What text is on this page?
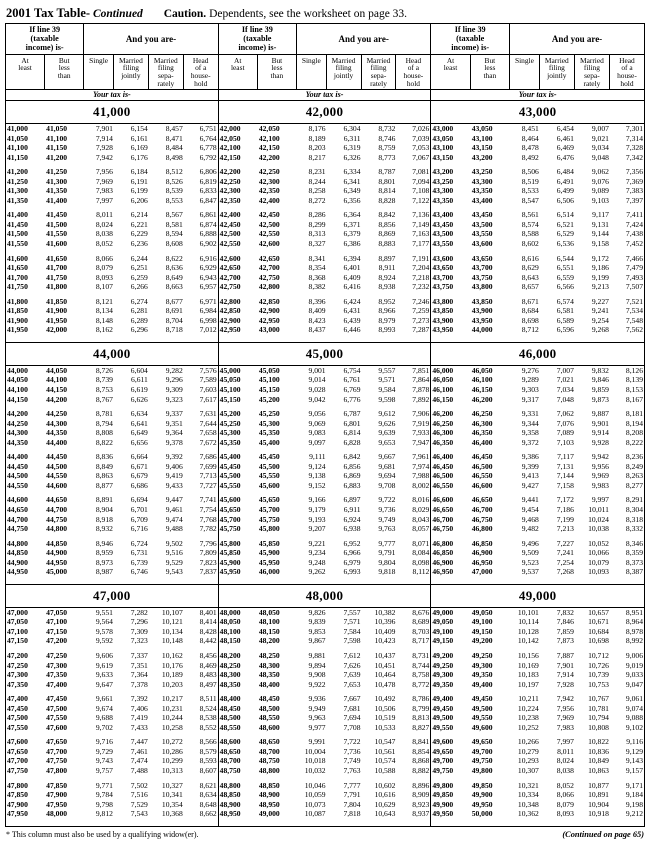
2001 Tax Table- Continued Caution. Dependents, see the worksheet on page 33.
If line 39
(taxable
income) is-
And you are-
At
least
But
less
than
Single	Married
filing
jointly
Married
filing
sepa-
rately
Head
of a
house-
hold
Your tax is-
41,000
41,000	41,050	7,901	6,154	8,457	6,751
41,050	41,100	7,914	6,161	8,471	6,764
41,100	41,150	7,928	6,169	8,484	6,778
41,150	41,200	7,942	6,176	8,498	6,792

41,200	41,250	7,956	6,184	8,512	6,806
41,250	41,300	7,969	6,191	8,526	6,819
41,300	41,350	7,983	6,199	8,539	6,833
41,350	41,400	7,997	6,206	8,553	6,847

41,400	41,450	8,011	6,214	8,567	6,861
41,450	41,500	8,024	6,221	8,581	6,874
41,500	41,550	8,038	6,229	8,594	6,888
41,550	41,600	8,052	6,236	8,608	6,902

41,600	41,650	8,066	6,244	8,622	6,916
41,650	41,700	8,079	6,251	8,636	6,929
41,700	41,750	8,093	6,259	8,649	6,943
41,750	41,800	8,107	6,266	8,663	6,957

41,800	41,850	8,121	6,274	8,677	6,971
41,850	41,900	8,134	6,281	8,691	6,984
41,900	41,950	8,148	6,289	8,704	6,998
41,950	42,000	8,162	6,296	8,718	7,012
44,000
44,000	44,050	8,726	6,604	9,282	7,576
44,050	44,100	8,739	6,611	9,296	7,589
44,100	44,150	8,753	6,619	9,309	7,603
44,150	44,200	8,767	6,626	9,323	7,617

44,200	44,250	8,781	6,634	9,337	7,631
44,250	44,300	8,794	6,641	9,351	7,644
44,300	44,350	8,808	6,649	9,364	7,658
44,350	44,400	8,822	6,656	9,378	7,672

44,400	44,450	8,836	6,664	9,392	7,686
44,450	44,500	8,849	6,671	9,406	7,699
44,500	44,550	8,863	6,679	9,419	7,713
44,550	44,600	8,877	6,686	9,433	7,727

44,600	44,650	8,891	6,694	9,447	7,741
44,650	44,700	8,904	6,701	9,461	7,754
44,700	44,750	8,918	6,709	9,474	7,768
44,750	44,800	8,932	6,716	9,488	7,782

44,800	44,850	8,946	6,724	9,502	7,796
44,850	44,900	8,959	6,731	9,516	7,809
44,900	44,950	8,973	6,739	9,529	7,823
44,950	45,000	8,987	6,746	9,543	7,837
47,000
47,000	47,050	9,551	7,282	10,107	8,401
47,050	47,100	9,564	7,296	10,121	8,414
47,100	47,150	9,578	7,309	10,134	8,428
47,150	47,200	9,592	7,323	10,148	8,442

47,200	47,250	9,606	7,337	10,162	8,456
47,250	47,300	9,619	7,351	10,176	8,469
47,300	47,350	9,633	7,364	10,189	8,483
47,350	47,400	9,647	7,378	10,203	8,497

47,400	47,450	9,661	7,392	10,217	8,511
47,450	47,500	9,674	7,406	10,231	8,524
47,500	47,550	9,688	7,419	10,244	8,538
47,550	47,600	9,702	7,433	10,258	8,552

47,600	47,650	9,716	7,447	10,272	8,566
47,650	47,700	9,729	7,461	10,286	8,579
47,700	47,750	9,743	7,474	10,299	8,593
47,750	47,800	9,757	7,488	10,313	8,607

47,800	47,850	9,771	7,502	10,327	8,621
47,850	47,900	9,784	7,516	10,341	8,634
47,900	47,950	9,798	7,529	10,354	8,648
47,950	48,000	9,812	7,543	10,368	8,662
If line 39
(taxable
income) is-
And you are-
At
least
But
less
than
Single	Married
filing
jointly
Married
filing
sepa-
rately
Head
of a
house-
hold
Your tax is-
42,000
42,000	42,050	8,176	6,304	8,732	7,026
42,050	42,100	8,189	6,311	8,746	7,039
42,100	42,150	8,203	6,319	8,759	7,053
42,150	42,200	8,217	6,326	8,773	7,067

42,200	42,250	8,231	6,334	8,787	7,081
42,250	42,300	8,244	6,341	8,801	7,094
42,300	42,350	8,258	6,349	8,814	7,108
42,350	42,400	8,272	6,356	8,828	7,122

42,400	42,450	8,286	6,364	8,842	7,136
42,450	42,500	8,299	6,371	8,856	7,149
42,500	42,550	8,313	6,379	8,869	7,163
42,550	42,600	8,327	6,386	8,883	7,177

42,600	42,650	8,341	6,394	8,897	7,191
42,650	42,700	8,354	6,401	8,911	7,204
42,700	42,750	8,368	6,409	8,924	7,218
42,750	42,800	8,382	6,416	8,938	7,232

42,800	42,850	8,396	6,424	8,952	7,246
42,850	42,900	8,409	6,431	8,966	7,259
42,900	42,950	8,423	6,439	8,979	7,273
42,950	43,000	8,437	6,446	8,993	7,287
45,000
45,000	45,050	9,001	6,754	9,557	7,851
45,050	45,100	9,014	6,761	9,571	7,864
45,100	45,150	9,028	6,769	9,584	7,878
45,150	45,200	9,042	6,776	9,598	7,892

45,200	45,250	9,056	6,787	9,612	7,906
45,250	45,300	9,069	6,801	9,626	7,919
45,300	45,350	9,083	6,814	9,639	7,933
45,350	45,400	9,097	6,828	9,653	7,947

45,400	45,450	9,111	6,842	9,667	7,961
45,450	45,500	9,124	6,856	9,681	7,974
45,500	45,550	9,138	6,869	9,694	7,988
45,550	45,600	9,152	6,883	9,708	8,002

45,600	45,650	9,166	6,897	9,722	8,016
45,650	45,700	9,179	6,911	9,736	8,029
45,700	45,750	9,193	6,924	9,749	8,043
45,750	45,800	9,207	6,938	9,763	8,057

45,800	45,850	9,221	6,952	9,777	8,071
45,850	45,900	9,234	6,966	9,791	8,084
45,900	45,950	9,248	6,979	9,804	8,098
45,950	46,000	9,262	6,993	9,818	8,112
48,000
48,000	48,050	9,826	7,557	10,382	8,676
48,050	48,100	9,839	7,571	10,396	8,689
48,100	48,150	9,853	7,584	10,409	8,703
48,150	48,200	9,867	7,598	10,423	8,717

48,200	48,250	9,881	7,612	10,437	8,731
48,250	48,300	9,894	7,626	10,451	8,744
48,300	48,350	9,908	7,639	10,464	8,758
48,350	48,400	9,922	7,653	10,478	8,772

48,400	48,450	9,936	7,667	10,492	8,786
48,450	48,500	9,949	7,681	10,506	8,799
48,500	48,550	9,963	7,694	10,519	8,813
48,550	48,600	9,977	7,708	10,533	8,827

48,600	48,650	9,991	7,722	10,547	8,841
48,650	48,700	10,004	7,736	10,561	8,854
48,700	48,750	10,018	7,749	10,574	8,868
48,750	48,800	10,032	7,763	10,588	8,882

48,800	48,850	10,046	7,777	10,602	8,896
48,850	48,900	10,059	7,791	10,616	8,909
48,900	48,950	10,073	7,804	10,629	8,923
48,950	49,000	10,087	7,818	10,643	8,937
If line 39
(taxable
income) is-
And you are-
At
least
But
less
than
Single	Married
filing
jointly
Married
filing
sepa-
rately
Head
of a
house-
hold
Your tax is-
43,000
43,000	43,050	8,451	6,454	9,007	7,301
43,050	43,100	8,464	6,461	9,021	7,314
43,100	43,150	8,478	6,469	9,034	7,328
43,150	43,200	8,492	6,476	9,048	7,342

43,200	43,250	8,506	6,484	9,062	7,356
43,250	43,300	8,519	6,491	9,076	7,369
43,300	43,350	8,533	6,499	9,089	7,383
43,350	43,400	8,547	6,506	9,103	7,397

43,400	43,450	8,561	6,514	9,117	7,411
43,450	43,500	8,574	6,521	9,131	7,424
43,500	43,550	8,588	6,529	9,144	7,438
43,550	43,600	8,602	6,536	9,158	7,452

43,600	43,650	8,616	6,544	9,172	7,466
43,650	43,700	8,629	6,551	9,186	7,479
43,700	43,750	8,643	6,559	9,199	7,493
43,750	43,800	8,657	6,566	9,213	7,507

43,800	43,850	8,671	6,574	9,227	7,521
43,850	43,900	8,684	6,581	9,241	7,534
43,900	43,950	8,698	6,589	9,254	7,548
43,950	44,000	8,712	6,596	9,268	7,562
46,000
46,000	46,050	9,276	7,007	9,832	8,126
46,050	46,100	9,289	7,021	9,846	8,139
46,100	46,150	9,303	7,034	9,859	8,153
46,150	46,200	9,317	7,048	9,873	8,167

46,200	46,250	9,331	7,062	9,887	8,181
46,250	46,300	9,344	7,076	9,901	8,194
46,300	46,350	9,358	7,089	9,914	8,208
46,350	46,400	9,372	7,103	9,928	8,222

46,400	46,450	9,386	7,117	9,942	8,236
46,450	46,500	9,399	7,131	9,956	8,249
46,500	46,550	9,413	7,144	9,969	8,263
46,550	46,600	9,427	7,158	9,983	8,277

46,600	46,650	9,441	7,172	9,997	8,291
46,650	46,700	9,454	7,186	10,011	8,304
46,700	46,750	9,468	7,199	10,024	8,318
46,750	46,800	9,482	7,213	10,038	8,332

46,800	46,850	9,496	7,227	10,052	8,346
46,850	46,900	9,509	7,241	10,066	8,359
46,900	46,950	9,523	7,254	10,079	8,373
46,950	47,000	9,537	7,268	10,093	8,387
49,000
49,000	49,050	10,101	7,832	10,657	8,951
49,050	49,100	10,114	7,846	10,671	8,964
49,100	49,150	10,128	7,859	10,684	8,978
49,150	49,200	10,142	7,873	10,698	8,992

49,200	49,250	10,156	7,887	10,712	9,006
49,250	49,300	10,169	7,901	10,726	9,019
49,300	49,350	10,183	7,914	10,739	9,033
49,350	49,400	10,197	7,928	10,753	9,047

49,400	49,450	10,211	7,942	10,767	9,061
49,450	49,500	10,224	7,956	10,781	9,074
49,500	49,550	10,238	7,969	10,794	9,088
49,550	49,600	10,252	7,983	10,808	9,102

49,600	49,650	10,266	7,997	10,822	9,116
49,650	49,700	10,279	8,011	10,836	9,129
49,700	49,750	10,293	8,024	10,849	9,143
49,750	49,800	10,307	8,038	10,863	9,157

49,800	49,850	10,321	8,052	10,877	9,171
49,850	49,900	10,334	8,066	10,891	9,184
49,900	49,950	10,348	8,079	10,904	9,198
49,950	50,000	10,362	8,093	10,918	9,212
* This column must also be used by a qualifying widow(er).	(Continued on page 65)
